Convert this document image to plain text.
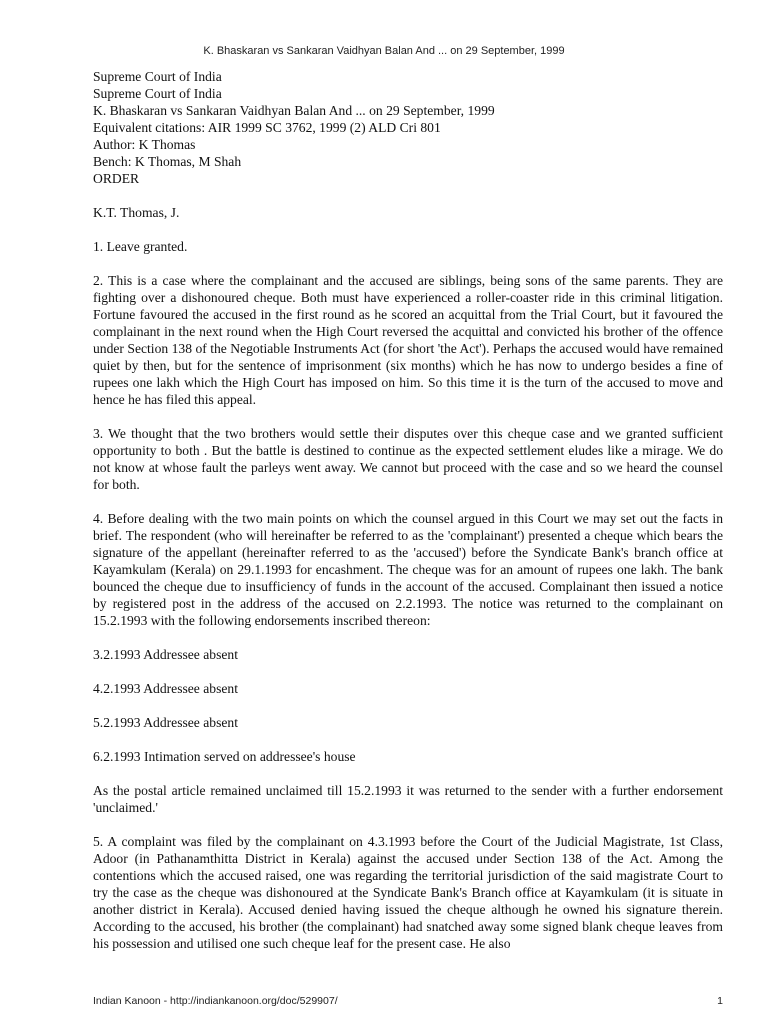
K. Bhaskaran vs Sankaran Vaidhyan Balan And ... on 29 September, 1999

Supreme Court of India

Supreme Court of India

K. Bhaskaran vs Sankaran Vaidhyan Balan And ... on 29 September, 1999

Equivalent citations: AIR 1999 SC 3762, 1999 (2) ALD Cri 801

Author: K Thomas

Bench: K Thomas, M Shah

ORDER

K.T. Thomas, J.

1. Leave granted.

2. This is a case where the complainant and the accused are siblings, being sons of the same parents. They are fighting over a dishonoured cheque. Both must have experienced a roller-coaster ride in this criminal litigation. Fortune favoured the accused in the first round as he scored an acquittal from the Trial Court, but it favoured the complainant in the next round when the High Court reversed the acquittal and convicted his brother of the offence under Section 138 of the Negotiable Instruments Act (for short 'the Act'). Perhaps the accused would have remained quiet by then, but for the sentence of imprisonment (six months) which he has now to undergo besides a fine of rupees one lakh which the High Court has imposed on him. So this time it is the turn of the accused to move and hence he has filed this appeal.

3. We thought that the two brothers would settle their disputes over this cheque case and we granted sufficient opportunity to both . But the battle is destined to continue as the expected settlement eludes like a mirage. We do not know at whose fault the parleys went away. We cannot but proceed with the case and so we heard the counsel for both.

4. Before dealing with the two main points on which the counsel argued in this Court we may set out the facts in brief. The respondent (who will hereinafter be referred to as the 'complainant') presented a cheque which bears the signature of the appellant (hereinafter referred to as the 'accused') before the Syndicate Bank's branch office at Kayamkulam (Kerala) on 29.1.1993 for encashment. The cheque was for an amount of rupees one lakh. The bank bounced the cheque due to insufficiency of funds in the account of the accused. Complainant then issued a notice by registered post in the address of the accused on 2.2.1993. The notice was returned to the complainant on 15.2.1993 with the following endorsements inscribed thereon:

3.2.1993 Addressee absent

4.2.1993 Addressee absent

5.2.1993 Addressee absent

6.2.1993 Intimation served on addressee's house

As the postal article remained unclaimed till 15.2.1993 it was returned to the sender with a further endorsement 'unclaimed.'

5. A complaint was filed by the complainant on 4.3.1993 before the Court of the Judicial Magistrate, 1st Class, Adoor (in Pathanamthitta District in Kerala) against the accused under Section 138 of the Act. Among the contentions which the accused raised, one was regarding the territorial jurisdiction of the said magistrate Court to try the case as the cheque was dishonoured at the Syndicate Bank's Branch office at Kayamkulam (it is situate in another district in Kerala). Accused denied having issued the cheque although he owned his signature therein. According to the accused, his brother (the complainant) had snatched away some signed blank cheque leaves from his possession and utilised one such cheque leaf for the present case. He also

Indian Kanoon - http://indiankanoon.org/doc/529907/	1
